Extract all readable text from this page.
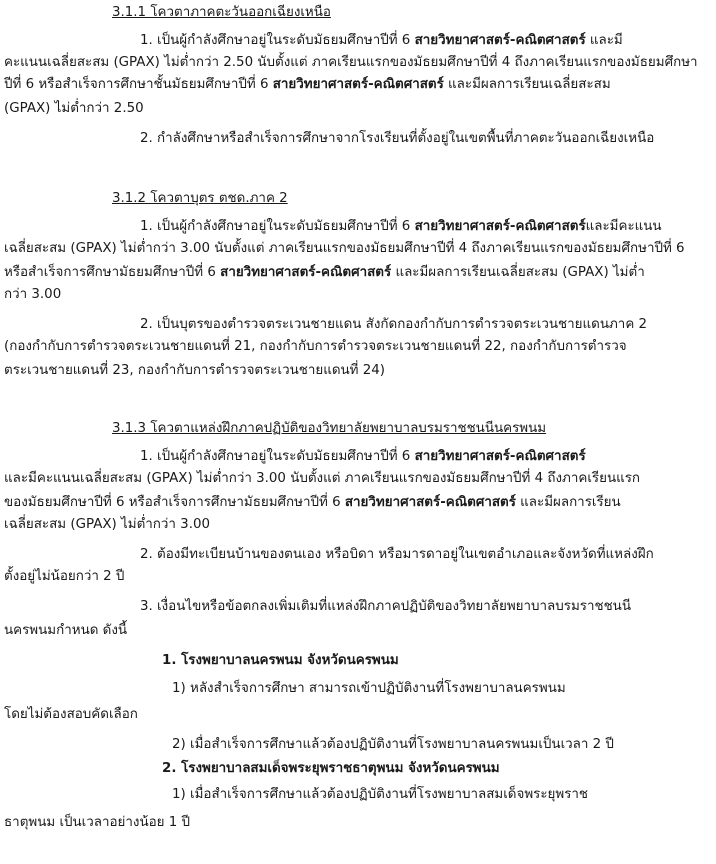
3.1.1 โควตาภาคตะวันออกเฉียงเหนือ
1. เป็นผู้กำลังศึกษาอยู่ในระดับมัธยมศึกษาปีที่ 6 สายวิทยาศาสตร์-คณิตศาสตร์ และมี
คะแนนเฉลี่ยสะสม (GPAX) ไม่ต่ำกว่า 2.50 นับตั้งแต่ ภาคเรียนแรกของมัธยมศึกษาปีที่ 4 ถึงภาคเรียนแรกของมัธยมศึกษา
ปีที่ 6 หรือสำเร็จการศึกษาชั้นมัธยมศึกษาปีที่ 6 สายวิทยาศาสตร์-คณิตศาสตร์ และมีผลการเรียนเฉลี่ยสะสม
(GPAX) ไม่ต่ำกว่า 2.50
2. กำลังศึกษาหรือสำเร็จการศึกษาจากโรงเรียนที่ตั้งอยู่ในเขตพื้นที่ภาคตะวันออกเฉียงเหนือ
3.1.2 โควตาบุตร ตชด.ภาค 2
1. เป็นผู้กำลังศึกษาอยู่ในระดับมัธยมศึกษาปีที่ 6 สายวิทยาศาสตร์-คณิตศาสตร์และมีคะแนน
เฉลี่ยสะสม (GPAX) ไม่ต่ำกว่า 3.00 นับตั้งแต่ ภาคเรียนแรกของมัธยมศึกษาปีที่ 4 ถึงภาคเรียนแรกของมัธยมศึกษาปีที่ 6
หรือสำเร็จการศึกษามัธยมศึกษาปีที่ 6 สายวิทยาศาสตร์-คณิตศาสตร์ และมีผลการเรียนเฉลี่ยสะสม (GPAX) ไม่ต่ำ
กว่า 3.00
2. เป็นบุตรของตำรวจตระเวนชายแดน สังกัดกองกำกับการตำรวจตระเวนชายแดนภาค 2
(กองกำกับการตำรวจตระเวนชายแดนที่ 21, กองกำกับการตำรวจตระเวนชายแดนที่ 22, กองกำกับการตำรวจ
ตระเวนชายแดนที่ 23, กองกำกับการตำรวจตระเวนชายแดนที่ 24)
3.1.3 โควตาแหล่งฝึกภาคปฏิบัติของวิทยาลัยพยาบาลบรมราชชนนีนครพนม
1. เป็นผู้กำลังศึกษาอยู่ในระดับมัธยมศึกษาปีที่ 6 สายวิทยาศาสตร์-คณิตศาสตร์
และมีคะแนนเฉลี่ยสะสม (GPAX) ไม่ต่ำกว่า 3.00 นับตั้งแต่ ภาคเรียนแรกของมัธยมศึกษาปีที่ 4 ถึงภาคเรียนแรก
ของมัธยมศึกษาปีที่ 6 หรือสำเร็จการศึกษามัธยมศึกษาปีที่ 6 สายวิทยาศาสตร์-คณิตศาสตร์ และมีผลการเรียน
เฉลี่ยสะสม (GPAX) ไม่ต่ำกว่า 3.00
2. ต้องมีทะเบียนบ้านของตนเอง หรือบิดา หรือมารดาอยู่ในเขตอำเภอและจังหวัดที่แหล่งฝึก
ตั้งอยู่ไม่น้อยกว่า 2 ปี
3. เงื่อนไขหรือข้อตกลงเพิ่มเติมที่แหล่งฝึกภาคปฏิบัติของวิทยาลัยพยาบาลบรมราชชนนี
นครพนมกำหนด ดังนี้
1. โรงพยาบาลนครพนม จังหวัดนครพนม
1) หลังสำเร็จการศึกษา สามารถเข้าปฏิบัติงานที่โรงพยาบาลนครพนม
โดยไม่ต้องสอบคัดเลือก
2) เมื่อสำเร็จการศึกษาแล้วต้องปฏิบัติงานที่โรงพยาบาลนครพนมเป็นเวลา 2 ปี
2. โรงพยาบาลสมเด็จพระยุพราชธาตุพนม จังหวัดนครพนม
1) เมื่อสำเร็จการศึกษาแล้วต้องปฏิบัติงานที่โรงพยาบาลสมเด็จพระยุพราช
ธาตุพนม เป็นเวลาอย่างน้อย 1 ปี
